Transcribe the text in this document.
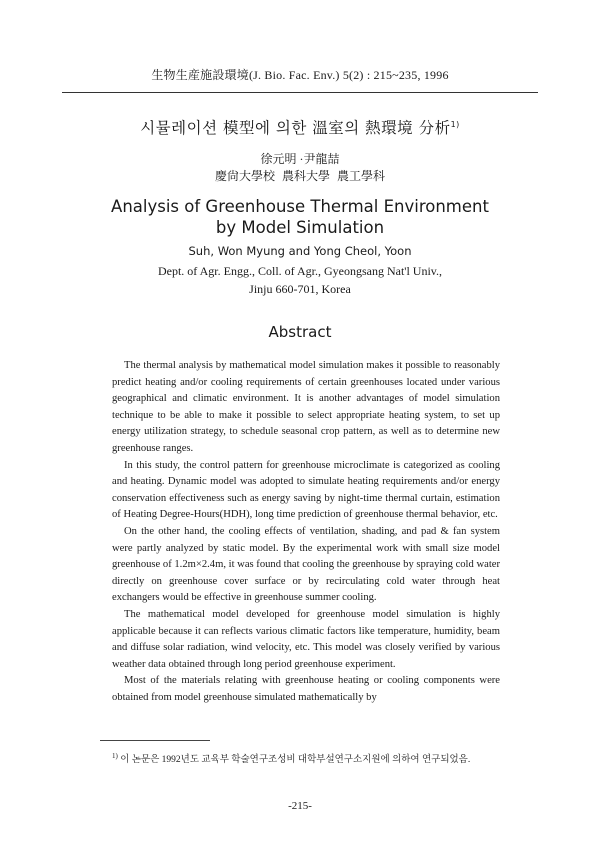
生物生産施設環境(J. Bio. Fac. Env.) 5(2) : 215~235, 1996
시뮬레이션 模型에 의한 溫室의 熱環境 分析$^{1)}$
徐元明 ·尹龍喆
慶尙大學校 農科大學 農工學科
Analysis of Greenhouse Thermal Environment
by Model Simulation
Suh, Won Myung and Yong Cheol, Yoon
Dept. of Agr. Engg., Coll. of Agr., Gyeongsang Nat'l Univ.,
Jinju 660-701, Korea
Abstract

The thermal analysis by mathematical model simulation makes it possible to reasonably predict heating and/or cooling requirements of certain greenhouses located under various geographical and climatic environment. It is another advantages of model simulation technique to be able to make it possible to select appropriate heating system, to set up energy utilization strategy, to schedule seasonal crop pattern, as well as to determine new greenhouse ranges.

In this study, the control pattern for greenhouse microclimate is categorized as cooling and heating. Dynamic model was adopted to simulate heating requirements and/or energy conservation effectiveness such as energy saving by night-time thermal curtain, estimation of Heating Degree-Hours(HDH), long time prediction of greenhouse thermal behavior, etc.

On the other hand, the cooling effects of ventilation, shading, and pad & fan system were partly analyzed by static model. By the experimental work with small size model greenhouse of 1.2m×2.4m, it was found that cooling the greenhouse by spraying cold water directly on greenhouse cover surface or by recirculating cold water through heat exchangers would be effective in greenhouse summer cooling.

The mathematical model developed for greenhouse model simulation is highly applicable because it can reflects various climatic factors like temperature, humidity, beam and diffuse solar radiation, wind velocity, etc. This model was closely verified by various weather data obtained through long period greenhouse experiment.

Most of the materials relating with greenhouse heating or cooling components were obtained from model greenhouse simulated mathematically by

$^{1)}$ 이 논문은 1992년도 교육부 학술연구조성비 대학부설연구소지원에 의하여 연구되었음.
-215-
